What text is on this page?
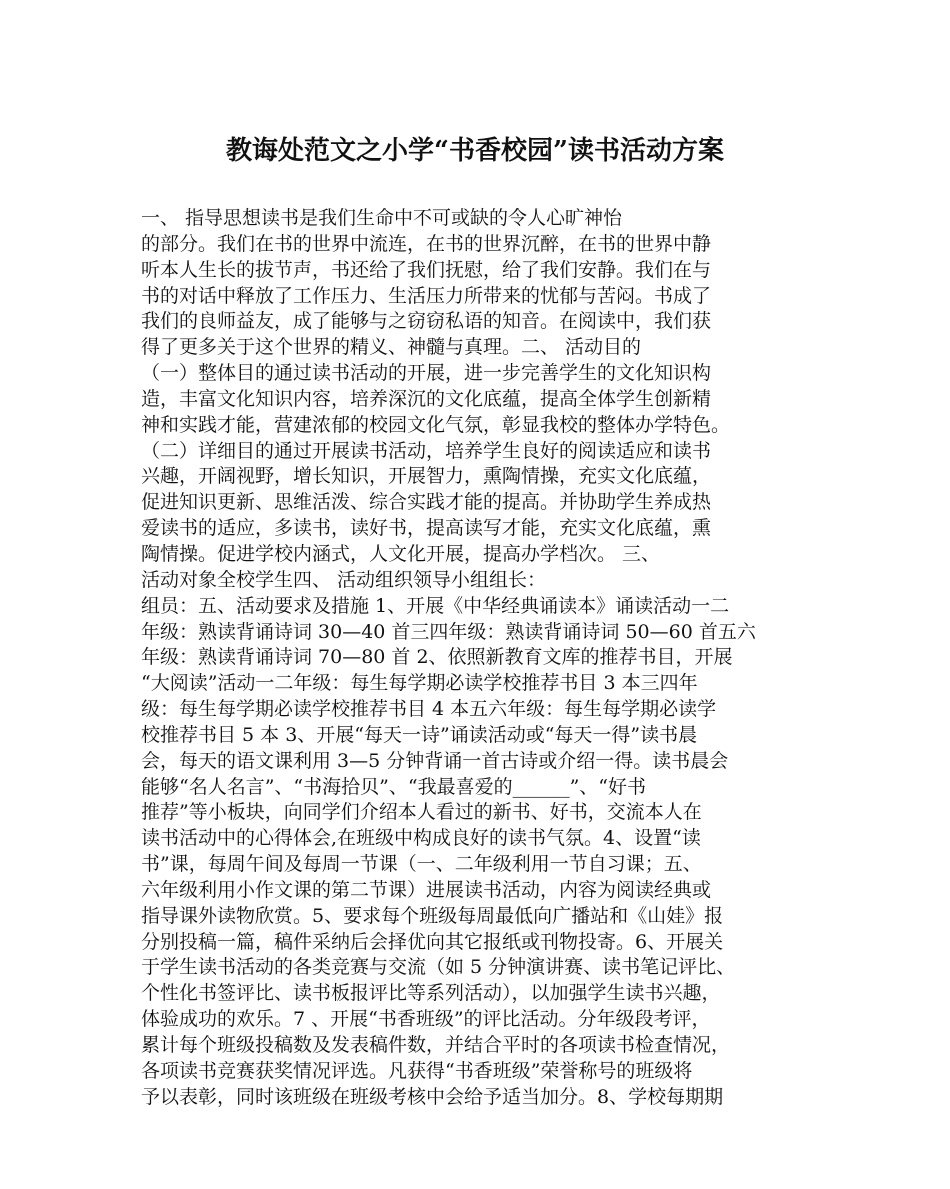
教诲处范文之小学“书香校园”读书活动方案
一、 指导思想读书是我们生命中不可或缺的令人心旷神怡
的部分。我们在书的世界中流连，在书的世界沉醉，在书的世界中静
听本人生长的拔节声，书还给了我们抚慰，给了我们安静。我们在与
书的对话中释放了工作压力、生活压力所带来的忧郁与苦闷。书成了
我们的良师益友，成了能够与之窃窃私语的知音。在阅读中，我们获
得了更多关于这个世界的精义、神髓与真理。二、 活动目的
（一）整体目的通过读书活动的开展，进一步完善学生的文化知识构
造，丰富文化知识内容，培养深沉的文化底蕴，提高全体学生创新精
神和实践才能，营建浓郁的校园文化气氛，彰显我校的整体办学特色。
（二）详细目的通过开展读书活动，培养学生良好的阅读适应和读书
兴趣，开阔视野，增长知识，开展智力，熏陶情操，充实文化底蕴，
促进知识更新、思维活泼、综合实践才能的提高。并协助学生养成热
爱读书的适应，多读书，读好书，提高读写才能，充实文化底蕴，熏
陶情操。促进学校内涵式，人文化开展，提高办学档次。 三、
活动对象全校学生四、 活动组织领导小组组长：
组员：五、活动要求及措施 1、开展《中华经典诵读本》诵读活动一二
年级：熟读背诵诗词 30—40 首三四年级：熟读背诵诗词 50—60 首五六
年级：熟读背诵诗词 70—80 首 2、依照新教育文库的推荐书目，开展
“大阅读”活动一二年级：每生每学期必读学校推荐书目 3 本三四年
级：每生每学期必读学校推荐书目 4 本五六年级：每生每学期必读学
校推荐书目 5 本 3、开展“每天一诗”诵读活动或“每天一得”读书晨
会，每天的语文课利用 3—5 分钟背诵一首古诗或介绍一得。读书晨会
能够“名人名言”、“书海拾贝”、“我最喜爱的______”、“好书
推荐”等小板块，向同学们介绍本人看过的新书、好书，交流本人在
读书活动中的心得体会,在班级中构成良好的读书气氛。4、设置“读
书”课，每周午间及每周一节课（一、二年级利用一节自习课；五、
六年级利用小作文课的第二节课）进展读书活动，内容为阅读经典或
指导课外读物欣赏。5、要求每个班级每周最低向广播站和《山娃》报
分别投稿一篇，稿件采纳后会择优向其它报纸或刊物投寄。6、开展关
于学生读书活动的各类竞赛与交流（如 5 分钟演讲赛、读书笔记评比、
个性化书签评比、读书板报评比等系列活动），以加强学生读书兴趣，
体验成功的欢乐。7 、开展“书香班级”的评比活动。分年级段考评，
累计每个班级投稿数及发表稿件数，并结合平时的各项读书检查情况，
各项读书竞赛获奖情况评选。凡获得“书香班级”荣誉称号的班级将
予以表彰，同时该班级在班级考核中会给予适当加分。8、学校每期期
